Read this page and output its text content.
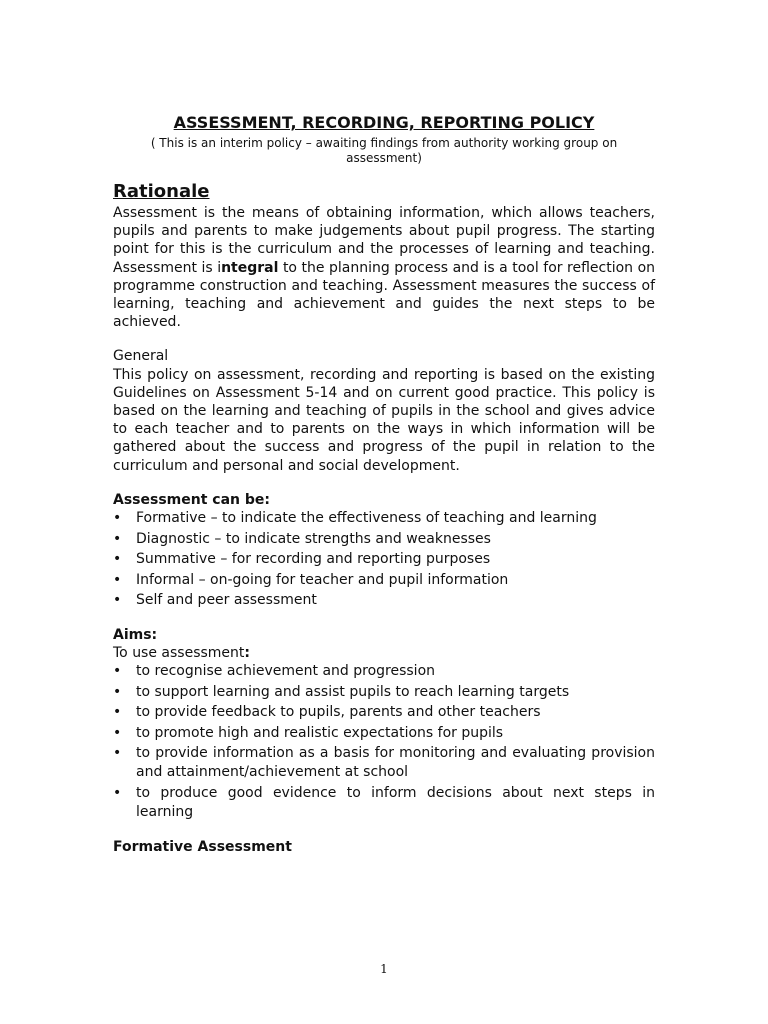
ASSESSMENT, RECORDING, REPORTING POLICY

( This is an interim policy – awaiting findings from authority working group on assessment)

Rationale

Assessment is the means of obtaining information, which allows teachers, pupils and parents to make judgements about pupil progress. The starting point for this is the curriculum and the processes of learning and teaching. Assessment is integral to the planning process and is a tool for reflection on programme construction and teaching. Assessment measures the success of learning, teaching and achievement and guides the next steps to be achieved.

General

This policy on assessment, recording and reporting is based on the existing Guidelines on Assessment 5-14 and on current good practice. This policy is based on the learning and teaching of pupils in the school and gives advice to each teacher and to parents on the ways in which information will be gathered about the success and progress of the pupil in relation to the curriculum and personal and social development.

Assessment can be:

• Formative – to indicate the effectiveness of teaching and learning
• Diagnostic – to indicate strengths and weaknesses
• Summative – for recording and reporting purposes
• Informal – on-going for teacher and pupil information
• Self and peer assessment

Aims:

To use assessment:

• to recognise achievement and progression
• to support learning and assist pupils to reach learning targets
• to provide feedback to pupils, parents and other teachers
• to promote high and realistic expectations for pupils
• to provide information as a basis for monitoring and evaluating provision and attainment/achievement at school
• to produce good evidence to inform decisions about next steps in learning

Formative Assessment

1
